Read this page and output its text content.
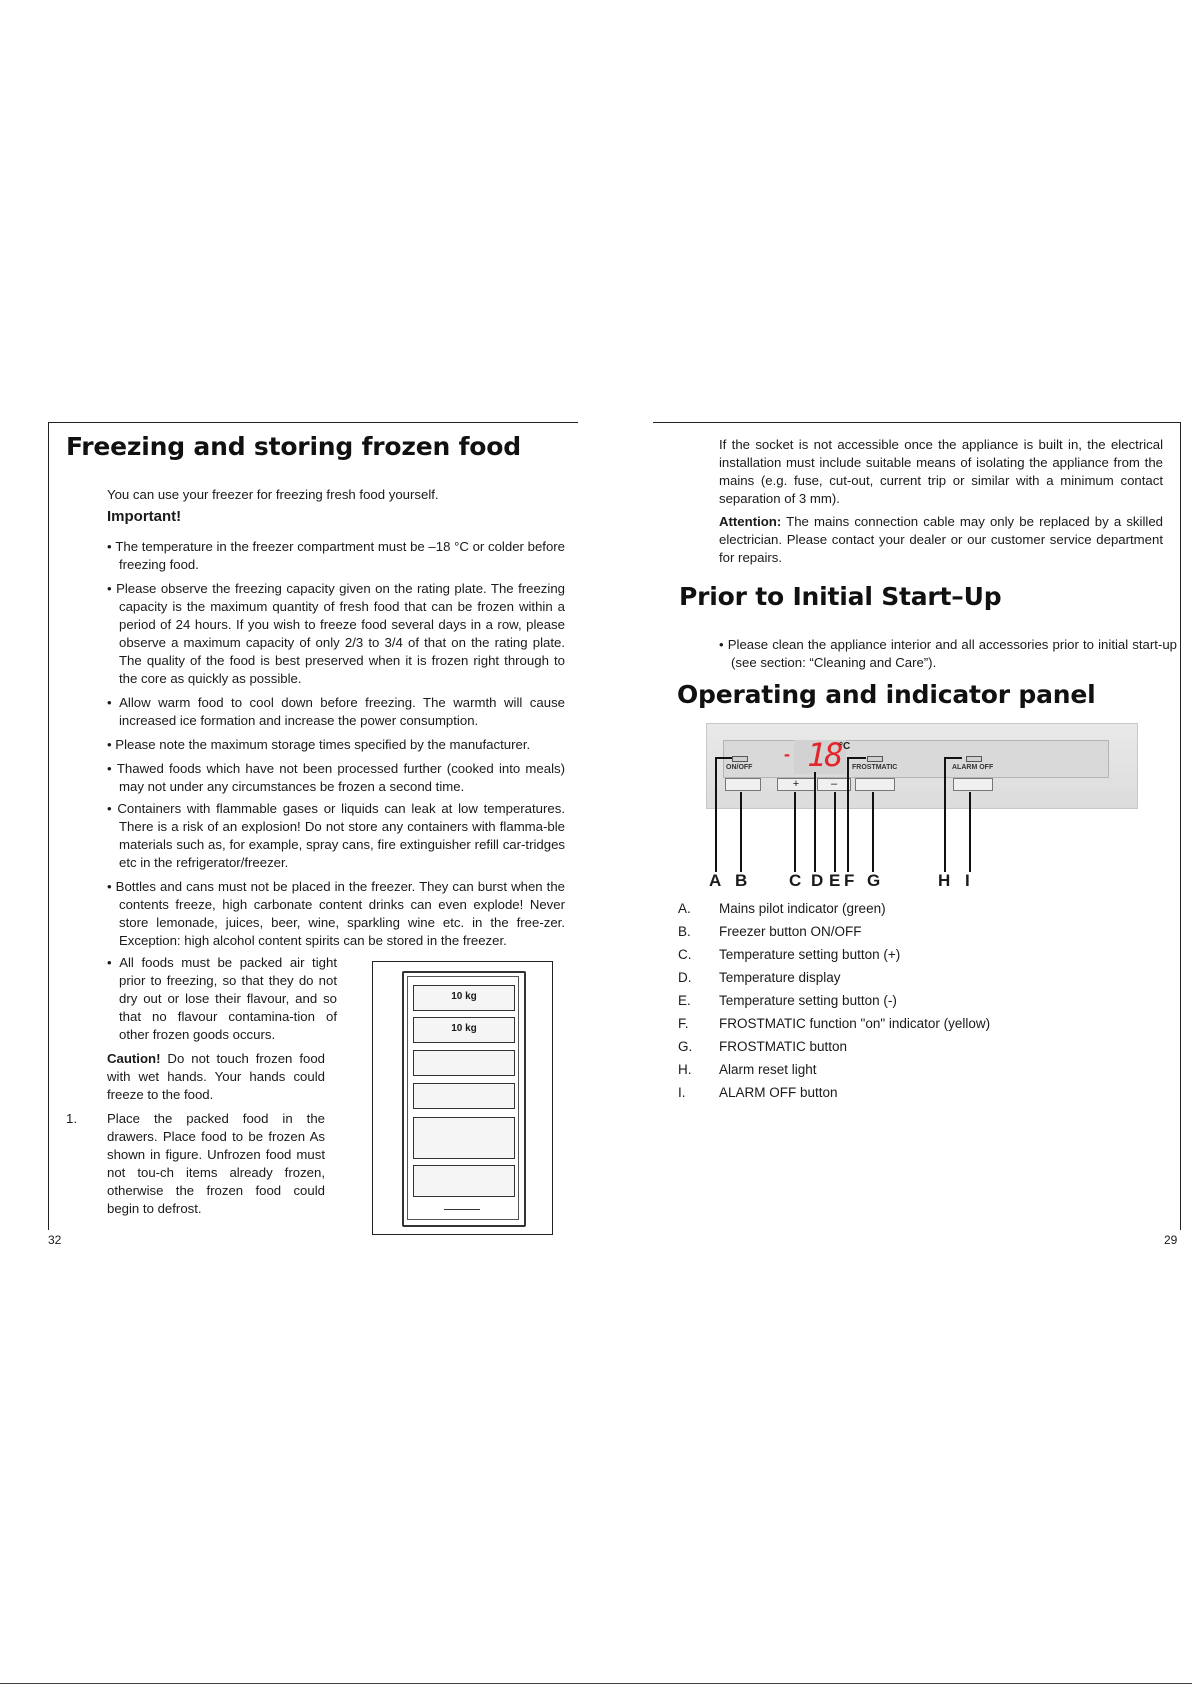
Freezing and storing frozen food
You can use your freezer for freezing fresh food yourself.
Important!
• The temperature in the freezer compartment must be –18 °C or colder before freezing food.
• Please observe the freezing capacity given on the rating plate. The freezing capacity is the maximum quantity of fresh food that can be frozen within a period of 24 hours. If you wish to freeze food several days in a row, please observe a maximum capacity of only 2/3 to 3/4 of that on the rating plate. The quality of the food is best preserved when it is frozen right through to the core as quickly as possible.
• Allow warm food to cool down before freezing. The warmth will cause increased ice formation and increase the power consumption.
• Please note the maximum storage times specified by the manufacturer.
• Thawed foods which have not been processed further (cooked into meals) may not under any circumstances be frozen a second time.
• Containers with flammable gases or liquids can leak at low temperatures. There is a risk of an explosion! Do not store any containers with flamma-ble materials such as, for example, spray cans, fire extinguisher refill car-tridges etc in the refrigerator/freezer.
• Bottles and cans must not be placed in the freezer. They can burst when the contents freeze, high carbonate content drinks can even explode! Never store lemonade, juices, beer, wine, sparkling wine etc. in the free-zer. Exception: high alcohol content spirits can be stored in the freezer.
• All foods must be packed air tight prior to freezing, so that they do not dry out or lose their flavour, and so that no flavour contamina-tion of other frozen goods occurs.
Caution! Do not touch frozen food with wet hands. Your hands could freeze to the food.
1. Place the packed food in the drawers. Place food to be frozen As shown in figure. Unfrozen food must not tou-ch items already frozen, otherwise the frozen food could begin to defrost.
10 kg
10 kg
32
If the socket is not accessible once the appliance is built in, the electrical installation must include suitable means of isolating the appliance from the mains (e.g. fuse, cut-out, current trip or similar with a minimum contact separation of 3 mm).
Attention: The mains connection cable may only be replaced by a skilled electrician. Please contact your dealer or our customer service department for repairs.
Prior to Initial Start–Up
• Please clean the appliance interior and all accessories prior to initial start-up (see section: “Cleaning and Care”).
Operating and indicator panel
ON/OFF
- 18
°C
+	–
FROSTMATIC	ALARM OFF
A B C D E F G	H I
A. Mains pilot indicator (green)
B. Freezer button ON/OFF
C. Temperature setting button (+)
D. Temperature display
E. Temperature setting button (-)
F. FROSTMATIC function "on" indicator (yellow)
G. FROSTMATIC button
H. Alarm reset light
I. ALARM OFF button
29
